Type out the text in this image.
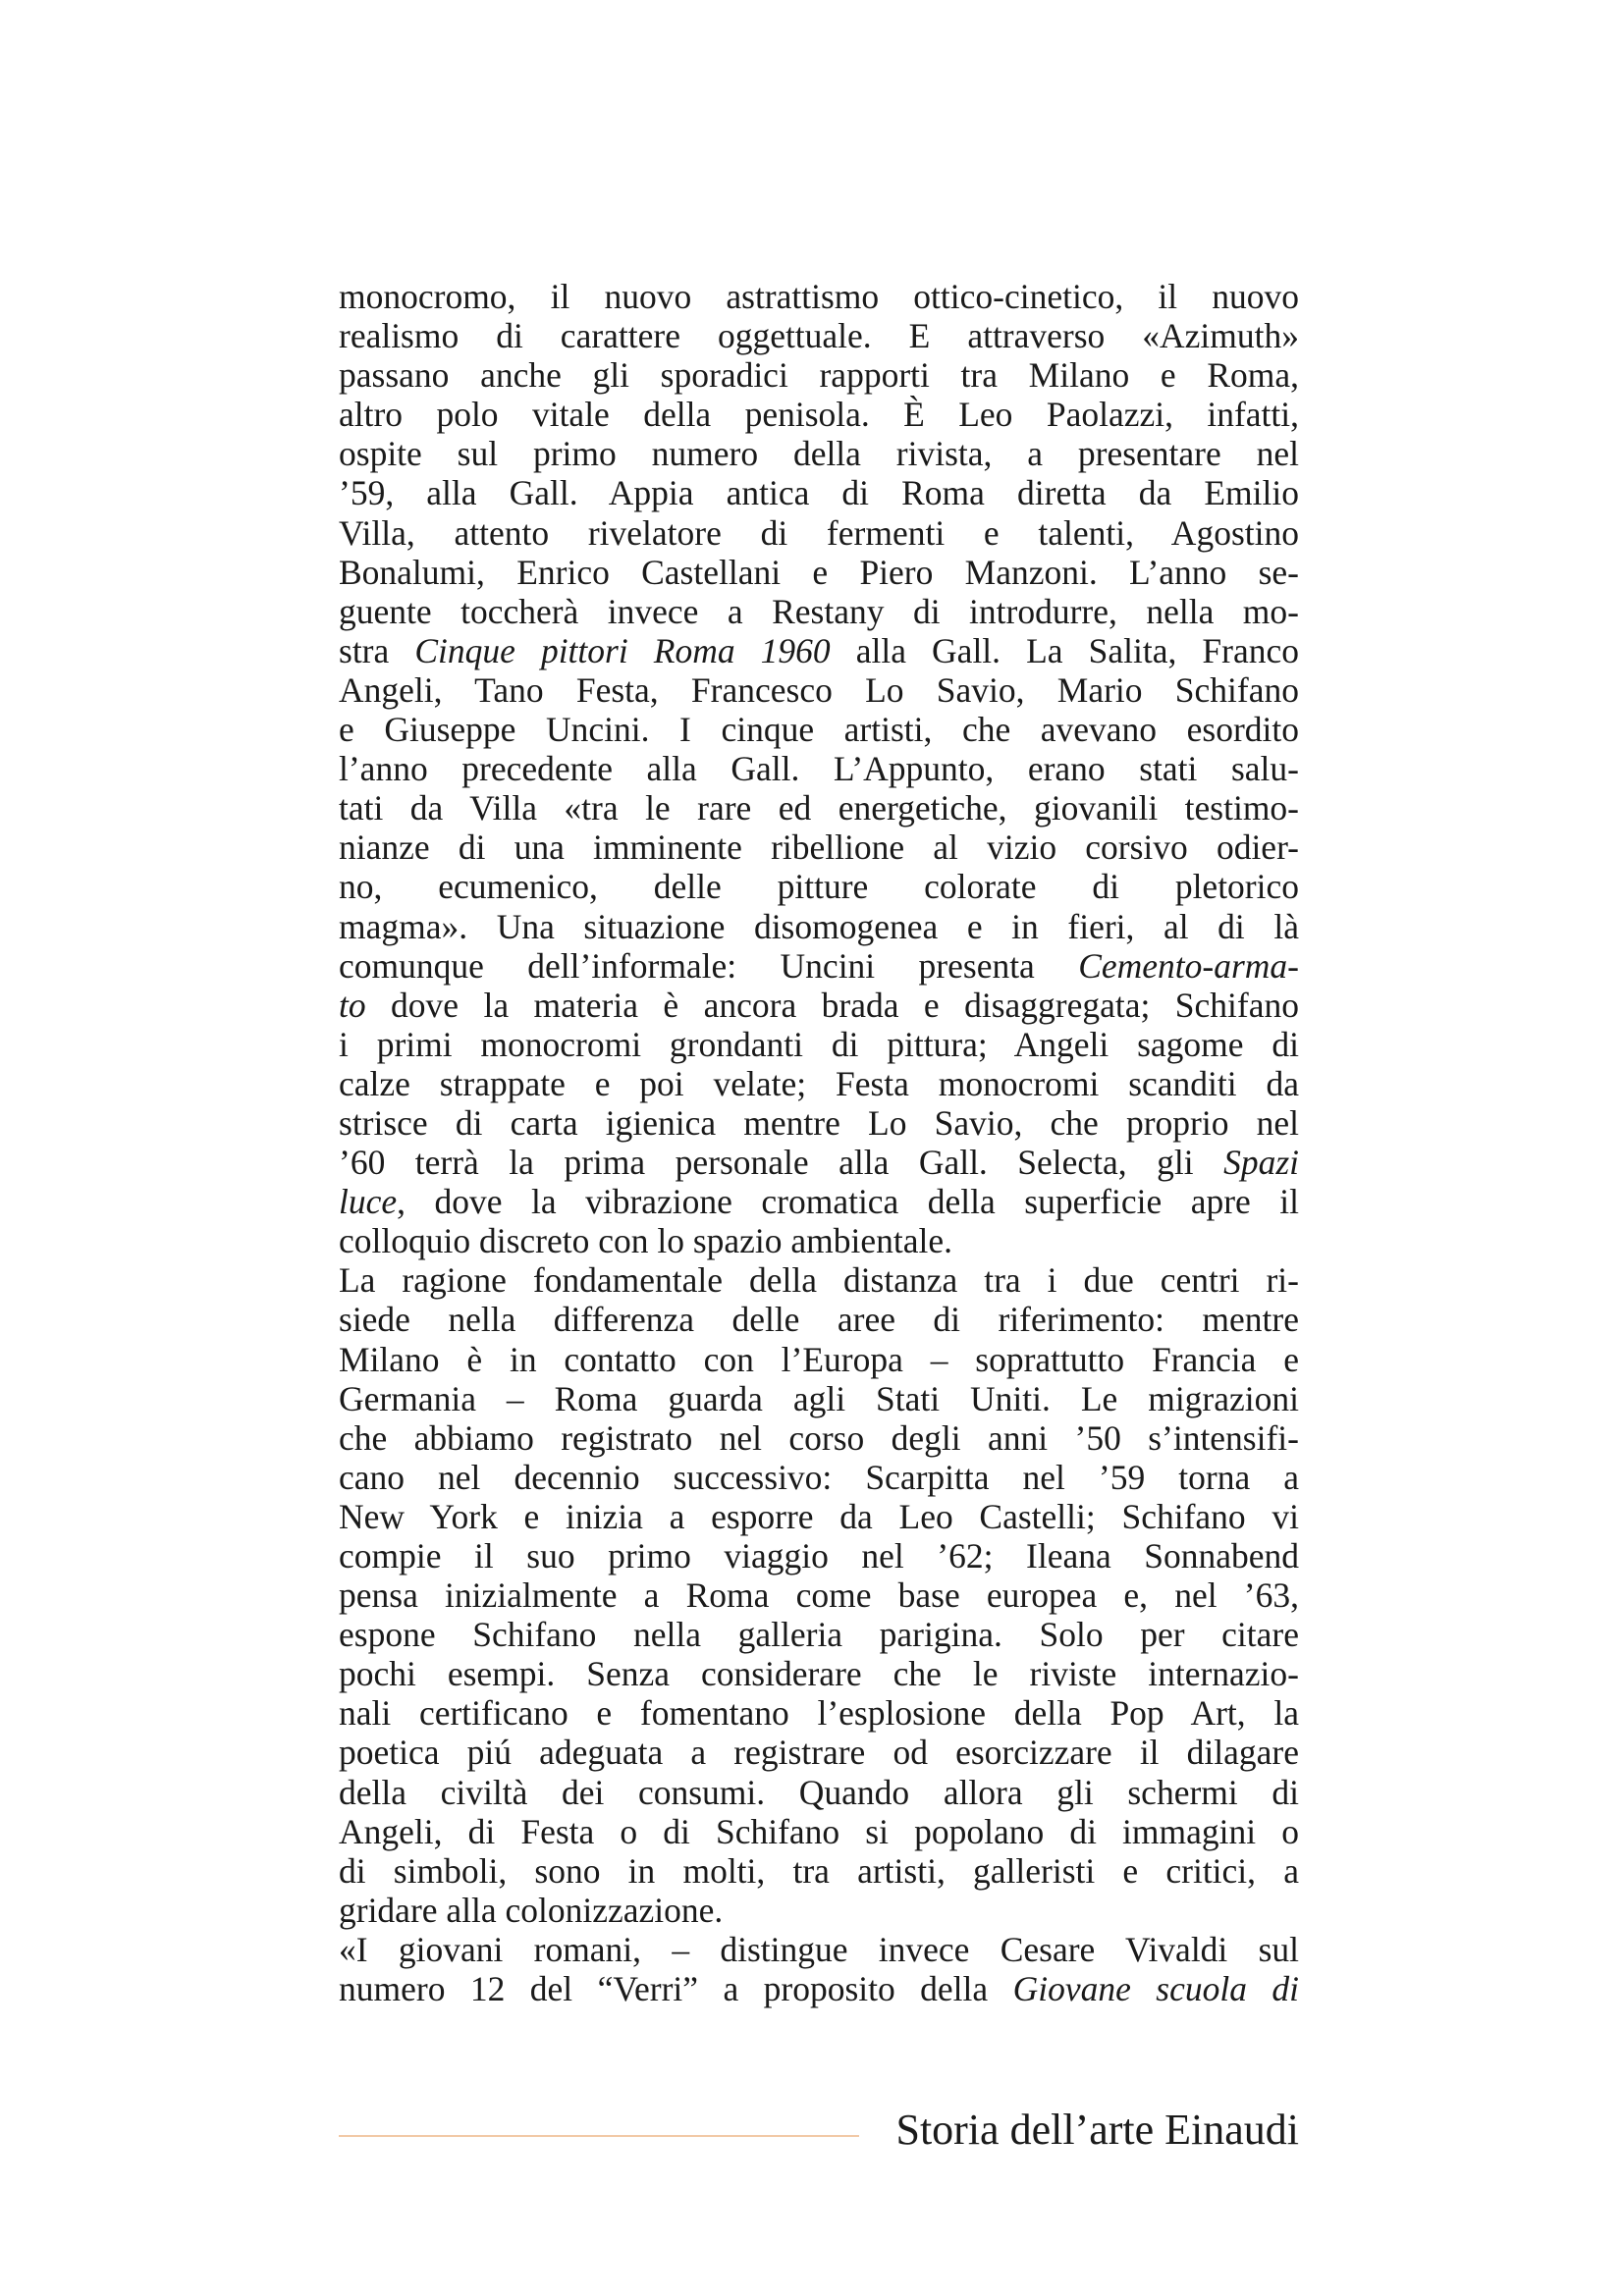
monocromo, il nuovo astrattismo ottico-cinetico, il nuovo
realismo di carattere oggettuale. E attraverso «Azimuth»
passano anche gli sporadici rapporti tra Milano e Roma,
altro polo vitale della penisola. È Leo Paolazzi, infatti,
ospite sul primo numero della rivista, a presentare nel
’59, alla Gall. Appia antica di Roma diretta da Emilio
Villa, attento rivelatore di fermenti e talenti, Agostino
Bonalumi, Enrico Castellani e Piero Manzoni. L’anno se-
guente toccherà invece a Restany di introdurre, nella mo-
stra Cinque pittori Roma 1960 alla Gall. La Salita, Franco
Angeli, Tano Festa, Francesco Lo Savio, Mario Schifano
e Giuseppe Uncini. I cinque artisti, che avevano esordito
l’anno precedente alla Gall. L’Appunto, erano stati salu-
tati da Villa «tra le rare ed energetiche, giovanili testimo-
nianze di una imminente ribellione al vizio corsivo odier-
no, ecumenico, delle pitture colorate di pletorico
magma». Una situazione disomogenea e in fieri, al di là
comunque dell’informale: Uncini presenta Cemento-arma-
to dove la materia è ancora brada e disaggregata; Schifano
i primi monocromi grondanti di pittura; Angeli sagome di
calze strappate e poi velate; Festa monocromi scanditi da
strisce di carta igienica mentre Lo Savio, che proprio nel
’60 terrà la prima personale alla Gall. Selecta, gli Spazi
luce, dove la vibrazione cromatica della superficie apre il
colloquio discreto con lo spazio ambientale.
La ragione fondamentale della distanza tra i due centri ri-
siede nella differenza delle aree di riferimento: mentre
Milano è in contatto con l’Europa – soprattutto Francia e
Germania – Roma guarda agli Stati Uniti. Le migrazioni
che abbiamo registrato nel corso degli anni ’50 s’intensifi-
cano nel decennio successivo: Scarpitta nel ’59 torna a
New York e inizia a esporre da Leo Castelli; Schifano vi
compie il suo primo viaggio nel ’62; Ileana Sonnabend
pensa inizialmente a Roma come base europea e, nel ’63,
espone Schifano nella galleria parigina. Solo per citare
pochi esempi. Senza considerare che le riviste internazio-
nali certificano e fomentano l’esplosione della Pop Art, la
poetica piú adeguata a registrare od esorcizzare il dilagare
della civiltà dei consumi. Quando allora gli schermi di
Angeli, di Festa o di Schifano si popolano di immagini o
di simboli, sono in molti, tra artisti, galleristi e critici, a
gridare alla colonizzazione.
«I giovani romani, – distingue invece Cesare Vivaldi sul
numero 12 del “Verri” a proposito della Giovane scuola di
Storia dell’arte Einaudi
